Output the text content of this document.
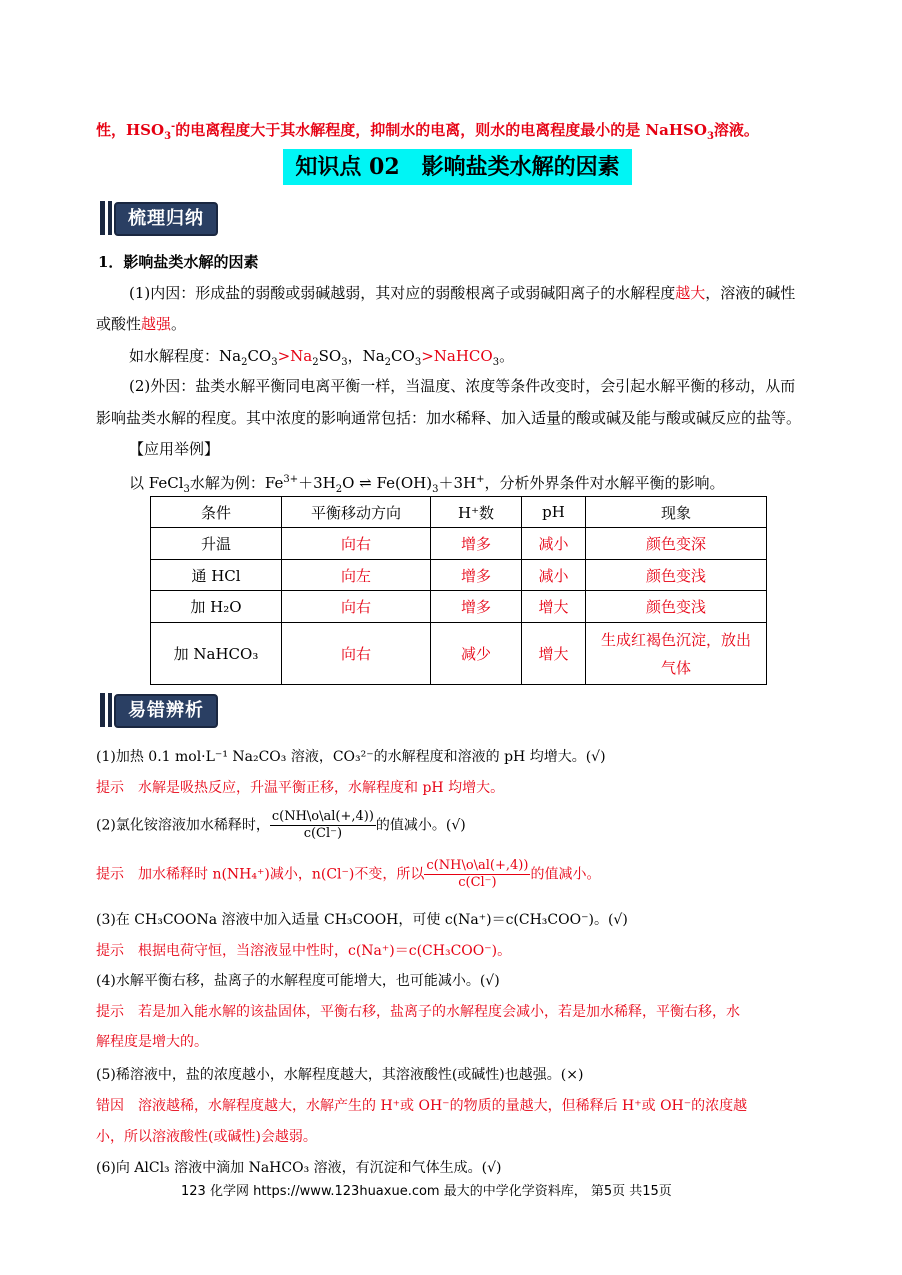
性，$HSO_3^-$的电离程度大于其水解程度，抑制水的电离，则水的电离程度最小的是 NaHSO$_3$溶液。
知识点 02　影响盐类水解的因素
梳理归纳
1．影响盐类水解的因素
(1)内因：形成盐的弱酸或弱碱越弱，其对应的弱酸根离子或弱碱阳离子的水解程度越大，溶液的碱性
或酸性越强。
如水解程度：$Na_2CO_3>Na_2SO_3$，$Na_2CO_3>NaHCO_3$。
(2)外因：盐类水解平衡同电离平衡一样，当温度、浓度等条件改变时，会引起水解平衡的移动，从而
影响盐类水解的程度。其中浓度的影响通常包括：加水稀释、加入适量的酸或碱及能与酸或碱反应的盐等。
【应用举例】
以 FeCl$_3$水解为例：$Fe^{3+}+3H_2O$ ⇌ $Fe(OH)_3+3H^+$，分析外界条件对水解平衡的影响。
条件	平衡移动方向	H⁺数	pH	现象
升温	向右	增多	减小	颜色变深
通 HCl	向左	增多	减小	颜色变浅
加 H₂O	向右	增多	增大	颜色变浅
加 NaHCO₃	向右	减少	增大	生成红褐色沉淀，放出气体
易错辨析
(1)加热 0.1 mol·L⁻¹ Na₂CO₃ 溶液，CO₃²⁻的水解程度和溶液的 pH 均增大。(√)
提示　水解是吸热反应，升温平衡正移，水解程度和 pH 均增大。
(2)氯化铵溶液加水稀释时， $\frac{c(NH\backslash o\backslash al(+,4))}{c(Cl^-)}$ 的值减小。(√)
提示　加水稀释时 n(NH₄⁺)减小，n(Cl⁻)不变，所以 $\frac{c(NH\backslash o\backslash al(+,4))}{c(Cl^-)}$ 的值减小。
(3)在 CH₃COONa 溶液中加入适量 CH₃COOH，可使 c(Na⁺)＝c(CH₃COO⁻)。(√)
提示　根据电荷守恒，当溶液显中性时，c(Na⁺)＝c(CH₃COO⁻)。
(4)水解平衡右移，盐离子的水解程度可能增大，也可能减小。(√)
提示　若是加入能水解的该盐固体，平衡右移，盐离子的水解程度会减小，若是加水稀释，平衡右移，水
解程度是增大的。
(5)稀溶液中，盐的浓度越小，水解程度越大，其溶液酸性(或碱性)也越强。(×)
错因　溶液越稀，水解程度越大，水解产生的 H⁺或 OH⁻的物质的量越大，但稀释后 H⁺或 OH⁻的浓度越
小，所以溶液酸性(或碱性)会越弱。
(6)向 AlCl₃ 溶液中滴加 NaHCO₃ 溶液，有沉淀和气体生成。(√)
123 化学网 https://www.123huaxue.com 最大的中学化学资料库， 第5页 共15页
